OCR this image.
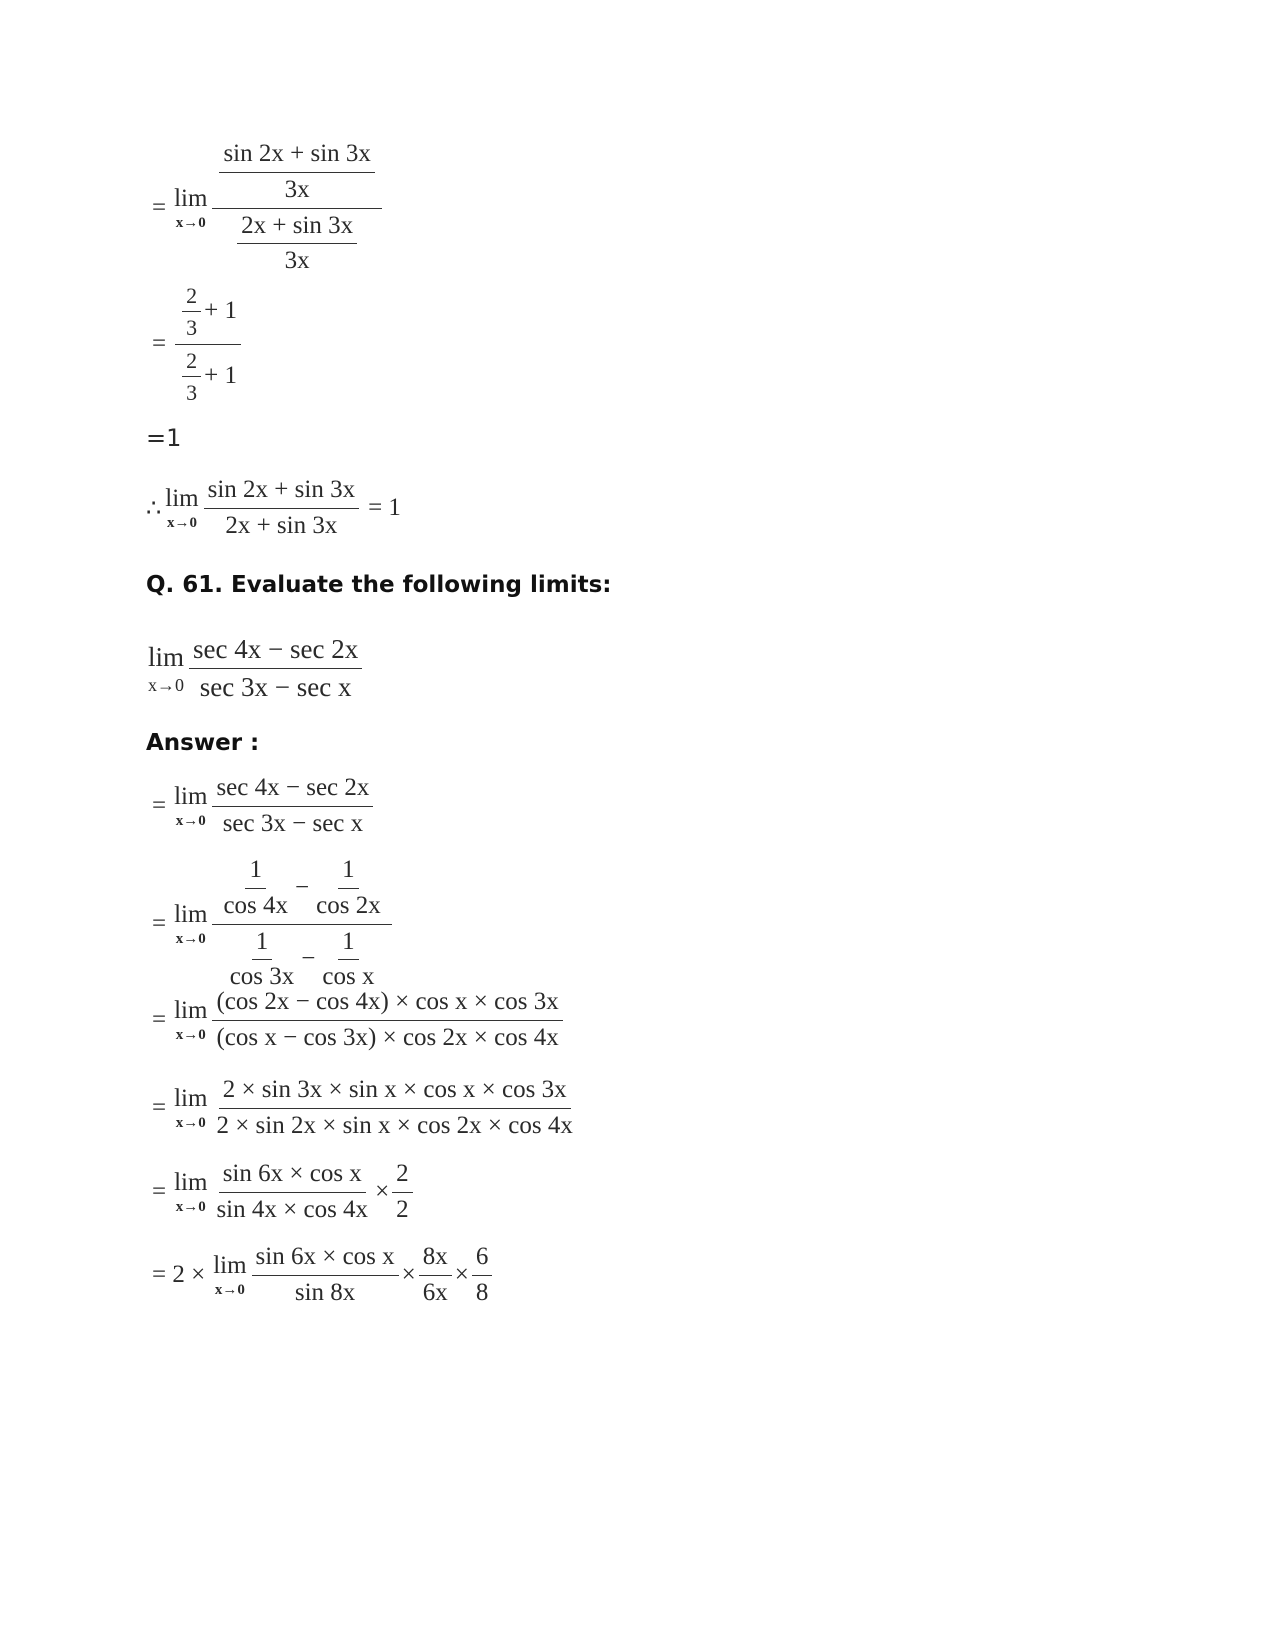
= lim
$x\to 0 \frac{\frac{\sin 2x + \sin 3x}{3x}}{\frac{2x + \sin 3x}{3x}}$
= $\frac{\frac{2}{3} + 1}{\frac{2}{3} + 1}$
=1
∴ lim
$x\to 0 \frac{\sin 2x + \sin 3x}{2x + \sin 3x} = 1$
Q. 61. Evaluate the following limits:
lim
$x\to 0 \frac{\sec 4x - \sec 2x}{\text{sec 3x − sec x}}$
Answer :
= lim
$x\to 0 \frac{\sec 4x - \sec 2x}{\text{sec 3x − sec x}}$
= lim
x→0
$\frac{1}{\cos 4x} - \frac{1}{\cos 2x}$
$\frac{1}{\cos 3x} - \frac{1}{\text{cos x}}$
= lim
$x\to 0 \frac{\text{(cos 2x − cos 4x) × cos x × cos 3x}}{\text{(cos x − cos 3x) × cos 2x × cos 4x}}$
= lim
$x\to 0 \frac{\text{2 × sin 3x × sin x × cos x × cos 3x}}{\text{2 × sin 2x × sin x × cos 2x × cos 4x}}$
= lim
$x\to 0 \frac{\text{sin 6x × cos x}}{\sin 4x \times \cos 4x} \times \frac{2}{2}$
= 2 × lim
$x\to 0 \frac{\text{sin 6x × cos x}}{\sin 8x} \times \frac{8x}{6x} \times \frac{6}{8}$
